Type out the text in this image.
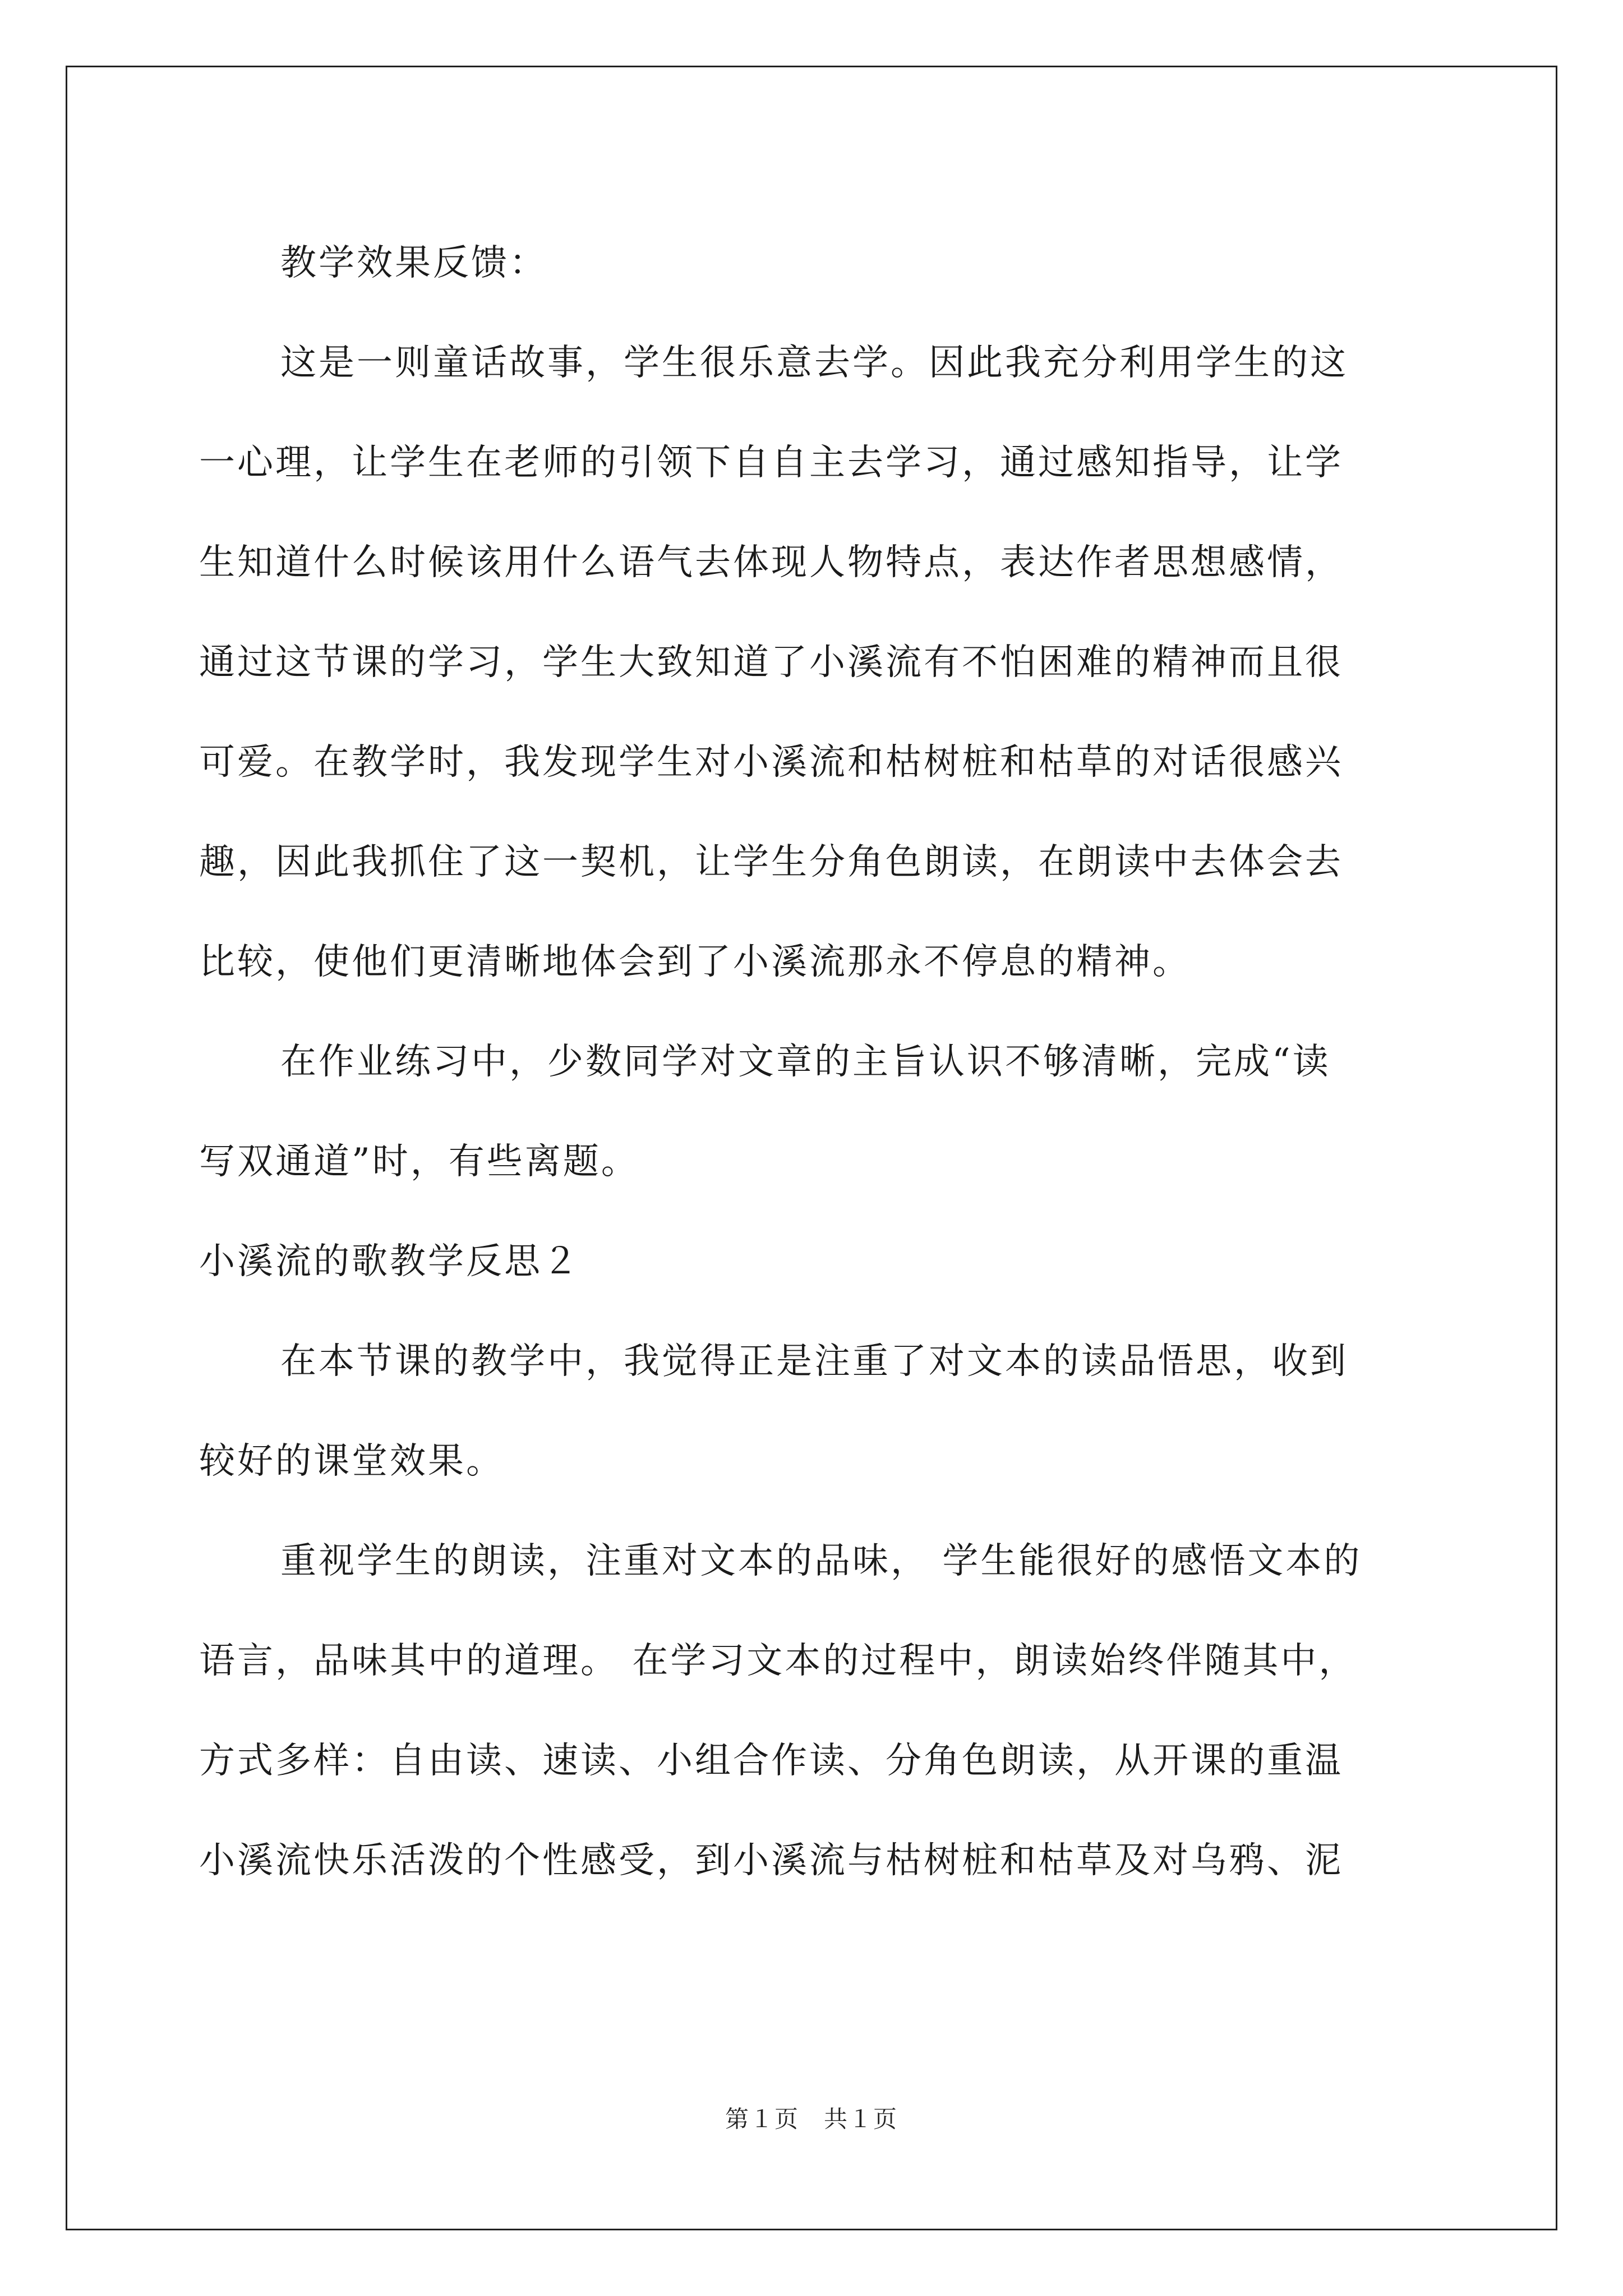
教学效果反馈：
这是一则童话故事，学生很乐意去学。因此我充分利用学生的这
一心理，让学生在老师的引领下自自主去学习，通过感知指导，让学
生知道什么时候该用什么语气去体现人物特点，表达作者思想感情，
通过这节课的学习，学生大致知道了小溪流有不怕困难的精神而且很
可爱。在教学时，我发现学生对小溪流和枯树桩和枯草的对话很感兴
趣，因此我抓住了这一契机，让学生分角色朗读，在朗读中去体会去
比较，使他们更清晰地体会到了小溪流那永不停息的精神。
在作业练习中，少数同学对文章的主旨认识不够清晰，完成“读
写双通道”时，有些离题。
小溪流的歌教学反思２
在本节课的教学中，我觉得正是注重了对文本的读品悟思，收到
较好的课堂效果。
重视学生的朗读，注重对文本的品味， 学生能很好的感悟文本的
语言，品味其中的道理。 在学习文本的过程中，朗读始终伴随其中，
方式多样：自由读、速读、小组合作读、分角色朗读，从开课的重温
小溪流快乐活泼的个性感受，到小溪流与枯树桩和枯草及对乌鸦、泥
第１页　共１页
